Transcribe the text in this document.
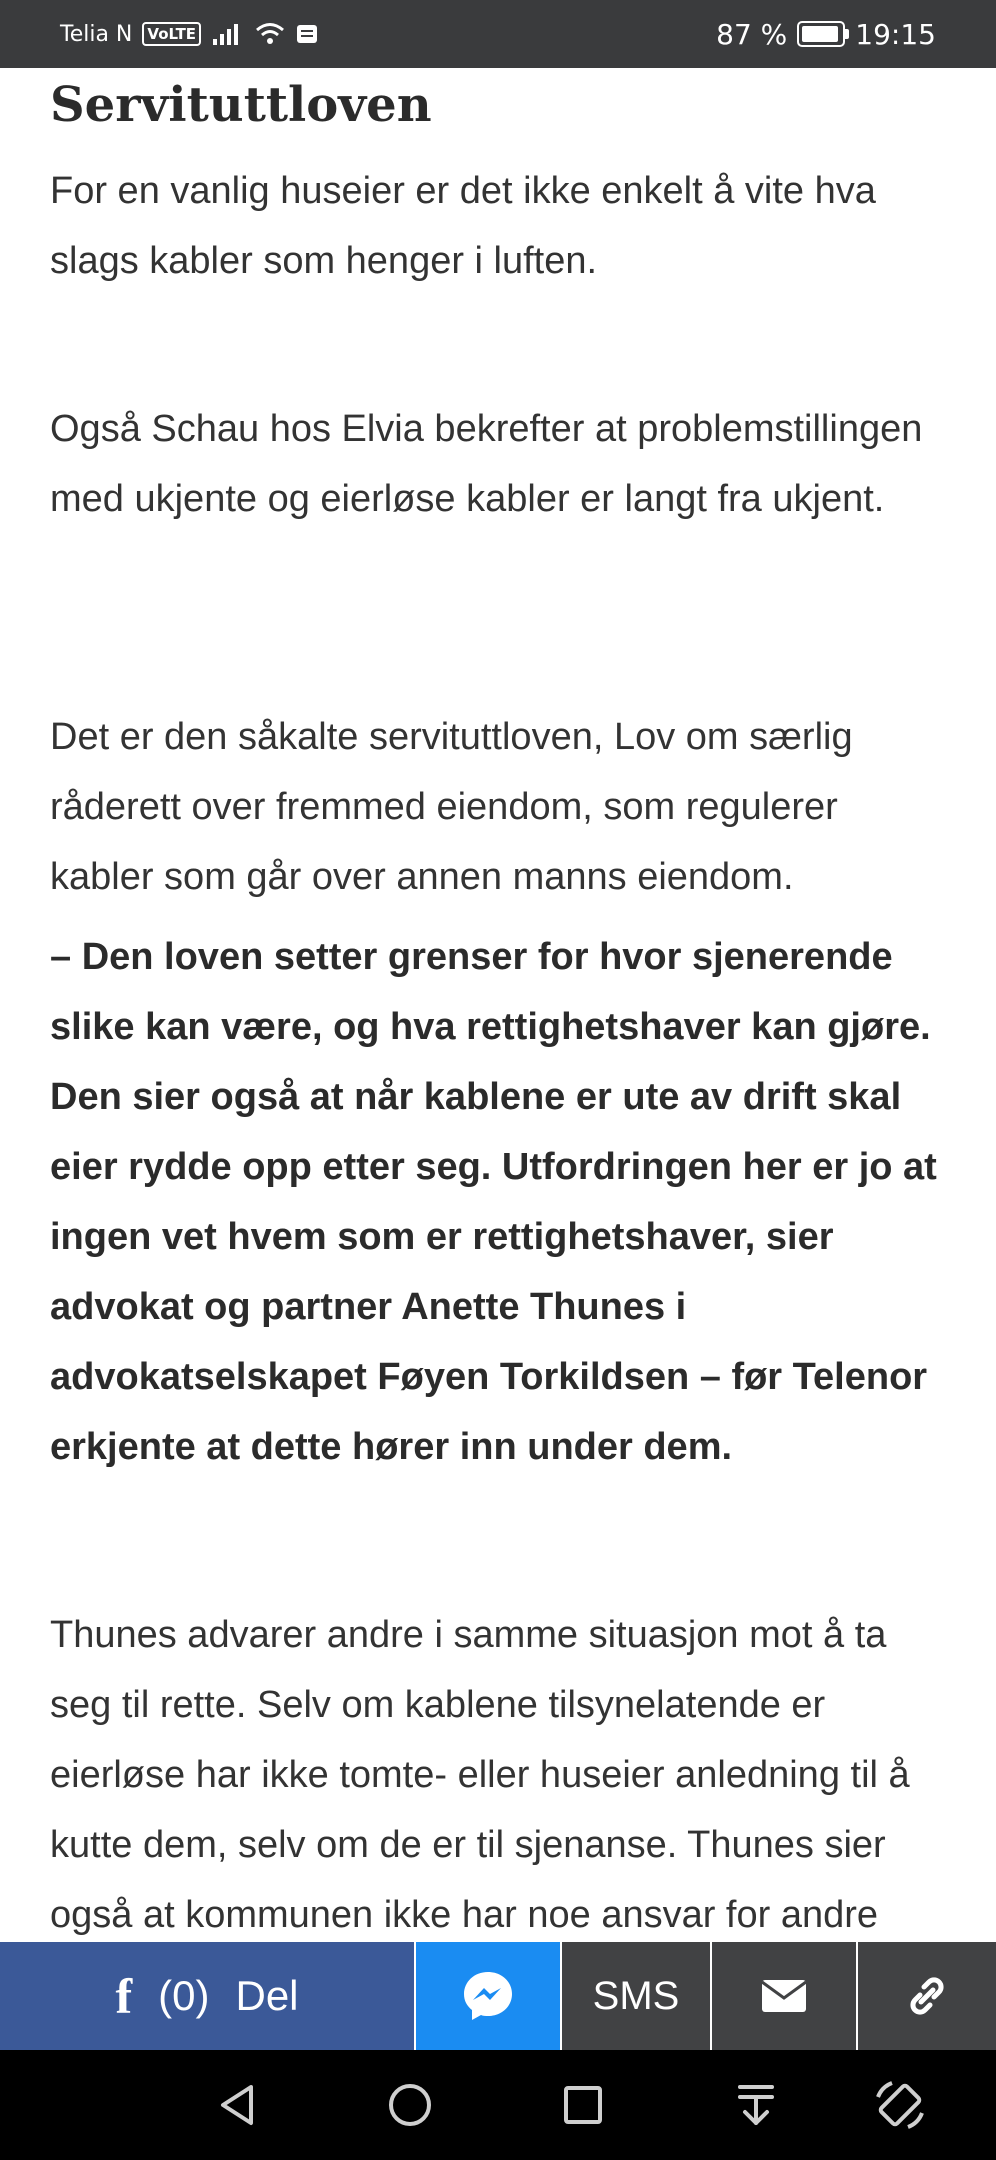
Telia N	VoLTE	87 % 19:15
Servituttloven

For en vanlig huseier er det ikke enkelt å vite hva slags kabler som henger i luften.

Også Schau hos Elvia bekrefter at problemstillingen med ukjente og eierløse kabler er langt fra ukjent.

Det er den såkalte servituttloven, Lov om særlig råderett over fremmed eiendom, som regulerer kabler som går over annen manns eiendom.

– Den loven setter grenser for hvor sjenerende slike kan være, og hva rettighetshaver kan gjøre. Den sier også at når kablene er ute av drift skal eier rydde opp etter seg. Utfordringen her er jo at ingen vet hvem som er rettighetshaver, sier advokat og partner Anette Thunes i advokatselskapet Føyen Torkildsen – før Telenor erkjente at dette hører inn under dem.

Thunes advarer andre i samme situasjon mot å ta seg til rette. Selv om kablene tilsynelatende er eierløse har ikke tomte- eller huseier anledning til å kutte dem, selv om de er til sjenanse. Thunes sier også at kommunen ikke har noe ansvar for andre

f (0) Del	SMS
